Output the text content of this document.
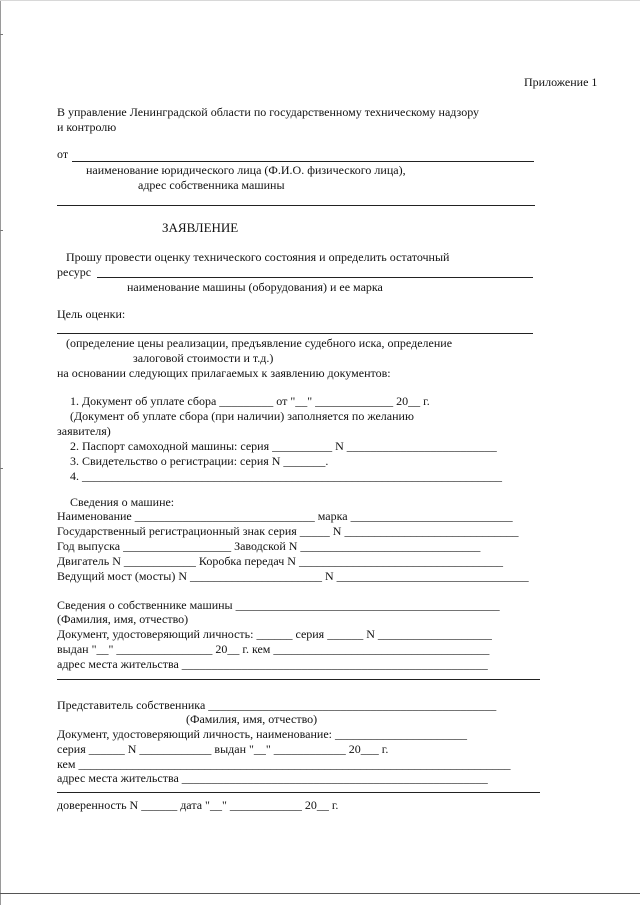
Приложение 1
В управление Ленинградской области по государственному техническому надзору
и контролю
от
наименование юридического лица (Ф.И.О. физического лица),
адрес собственника машины
ЗАЯВЛЕНИЕ
Прошу провести оценку технического состояния и определить остаточный
ресурс
наименование машины (оборудования) и ее марка
Цель оценки:
(определение цены реализации, предъявление судебного иска, определение
залоговой стоимости и т.д.)
на основании следующих прилагаемых к заявлению документов:
1. Документ об уплате сбора _________ от "__" _____________ 20__ г.
(Документ об уплате сбора (при наличии) заполняется по желанию
заявителя)
2. Паспорт самоходной машины: серия __________ N _________________________
3. Свидетельство о регистрации: серия N _______.
4. ______________________________________________________________________
Сведения о машине:
Наименование ______________________________ марка ___________________________
Государственный регистрационный знак серия _____ N _____________________________
Год выпуска __________________ Заводской N ______________________________
Двигатель N ____________ Коробка передач N __________________________________
Ведущий мост (мосты) N ______________________ N ________________________________
Сведения о собственнике машины ____________________________________________
(Фамилия, имя, отчество)
Документ, удостоверяющий личность: ______ серия ______ N ___________________
выдан "__" ________________ 20__ г. кем ____________________________________
адрес места жительства ___________________________________________________
Представитель собственника ________________________________________________
(Фамилия, имя, отчество)
Документ, удостоверяющий личность, наименование: ______________________
серия ______ N ____________ выдан "__" ____________ 20___ г.
кем ________________________________________________________________________
адрес места жительства ___________________________________________________
доверенность N ______ дата "__" ____________ 20__ г.
